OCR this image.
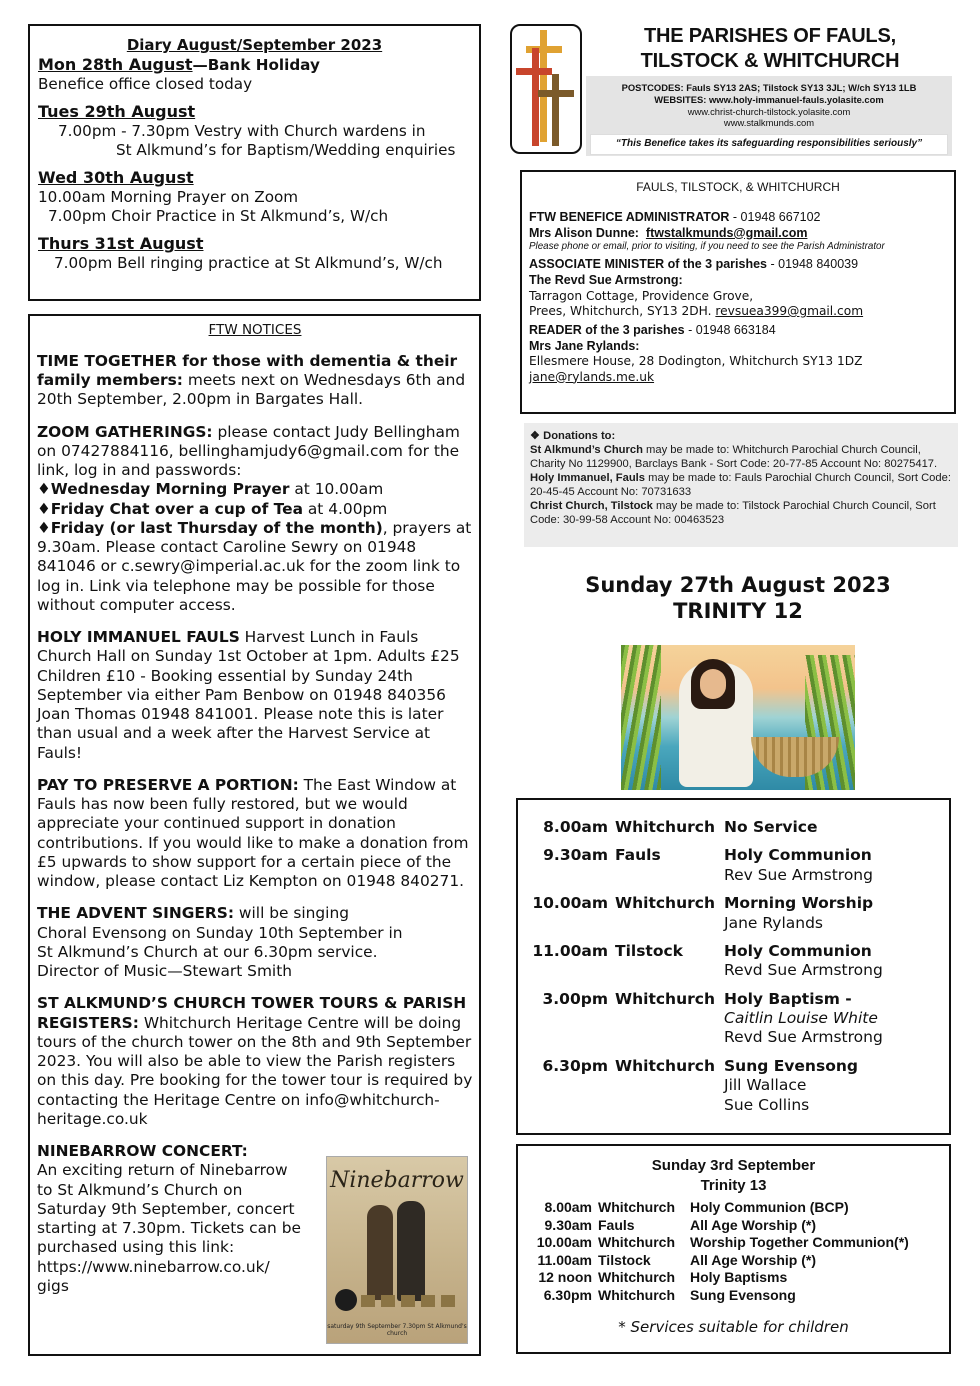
Diary August/September 2023
Mon 28th August—Bank Holiday
Benefice office closed today
Tues 29th August
7.00pm - 7.30pm Vestry with Church wardens in
St Alkmund’s for Baptism/Wedding enquiries
Wed 30th August
10.00am Morning Prayer on Zoom
7.00pm Choir Practice in St Alkmund’s, W/ch
Thurs 31st August
7.00pm Bell ringing practice at St Alkmund’s, W/ch
FTW NOTICES
TIME TOGETHER for those with dementia & their family members: meets next on Wednesdays 6th and 20th September, 2.00pm in Bargates Hall.
ZOOM GATHERINGS: please contact Judy Bellingham on 07427884116, bellinghamjudy6@gmail.com for the link, log in and passwords:
♦Wednesday Morning Prayer at 10.00am
♦Friday Chat over a cup of Tea at 4.00pm
♦Friday (or last Thursday of the month), prayers at 9.30am. Please contact Caroline Sewry on 01948 841046 or c.sewry@imperial.ac.uk for the zoom link to log in. Link via telephone may be possible for those without computer access.
HOLY IMMANUEL FAULS Harvest Lunch in Fauls Church Hall on Sunday 1st October at 1pm. Adults £25 Children £10 - Booking essential by Sunday 24th September via either Pam Benbow on 01948 840356 Joan Thomas 01948 841001. Please note this is later than usual and a week after the Harvest Service at Fauls!
PAY TO PRESERVE A PORTION: The East Window at Fauls has now been fully restored, but we would appreciate your continued support in donation contributions. If you would like to make a donation from £5 upwards to show support for a certain piece of the window, please contact Liz Kempton on 01948 840271.
THE ADVENT SINGERS: will be singing
Choral Evensong on Sunday 10th September in
St Alkmund’s Church at our 6.30pm service.
Director of Music—Stewart Smith
ST ALKMUND’S CHURCH TOWER TOURS & PARISH REGISTERS: Whitchurch Heritage Centre will be doing tours of the church tower on the 8th and 9th September 2023. You will also be able to view the Parish registers on this day. Pre booking for the tower tour is required by contacting the Heritage Centre on info@whitchurch-heritage.co.uk
NINEBARROW CONCERT:
An exciting return of Ninebarrow
to St Alkmund’s Church on
Saturday 9th September, concert
starting at 7.30pm. Tickets can be
purchased using this link:
https://www.ninebarrow.co.uk/
gigs
Ninebarrow
saturday 9th September 7.30pm St Alkmund's church
THE PARISHES OF FAULS,
TILSTOCK & WHITCHURCH
POSTCODES: Fauls SY13 2AS; Tilstock SY13 3JL; W/ch SY13 1LB
WEBSITES: www.holy-immanuel-fauls.yolasite.com
www.christ-church-tilstock.yolasite.com
www.stalkmunds.com
“This Benefice takes its safeguarding responsibilities seriously”
FAULS, TILSTOCK, & WHITCHURCH
FTW BENEFICE ADMINISTRATOR - 01948 667102
Mrs Alison Dunne: ftwstalkmunds@gmail.com
Please phone or email, prior to visiting, if you need to see the Parish Administrator
ASSOCIATE MINISTER of the 3 parishes - 01948 840039
The Revd Sue Armstrong:
Tarragon Cottage, Providence Grove,
Prees, Whitchurch, SY13 2DH. revsuea399@gmail.com
READER of the 3 parishes - 01948 663184
Mrs Jane Rylands:
Ellesmere House, 28 Dodington, Whitchurch SY13 1DZ
jane@rylands.me.uk
❖ Donations to:
St Alkmund’s Church may be made to: Whitchurch Parochial Church Council, Charity No 1129900, Barclays Bank - Sort Code: 20-77-85 Account No: 80275417.
Holy Immanuel, Fauls may be made to: Fauls Parochial Church Council, Sort Code: 20-45-45 Account No: 70731633
Christ Church, Tilstock may be made to: Tilstock Parochial Church Council, Sort Code: 30-99-58 Account No: 00463523
Sunday 27th August 2023
TRINITY 12
8.00am Whitchurch No Service
9.30am Fauls	Holy Communion
Rev Sue Armstrong
10.00am Whitchurch Morning Worship
Jane Rylands
11.00am Tilstock	Holy Communion
Revd Sue Armstrong
3.00pm Whitchurch Holy Baptism -
Caitlin Louise White
Revd Sue Armstrong
6.30pm Whitchurch Sung Evensong
Jill Wallace
Sue Collins
Sunday 3rd September
Trinity 13
8.00am Whitchurch	Holy Communion (BCP)
9.30am Fauls	All Age Worship (*)
10.00am Whitchurch	Worship Together Communion(*)
11.00am Tilstock	All Age Worship (*)
12 noon Whitchurch	Holy Baptisms
6.30pm Whitchurch	Sung Evensong
* Services suitable for children
